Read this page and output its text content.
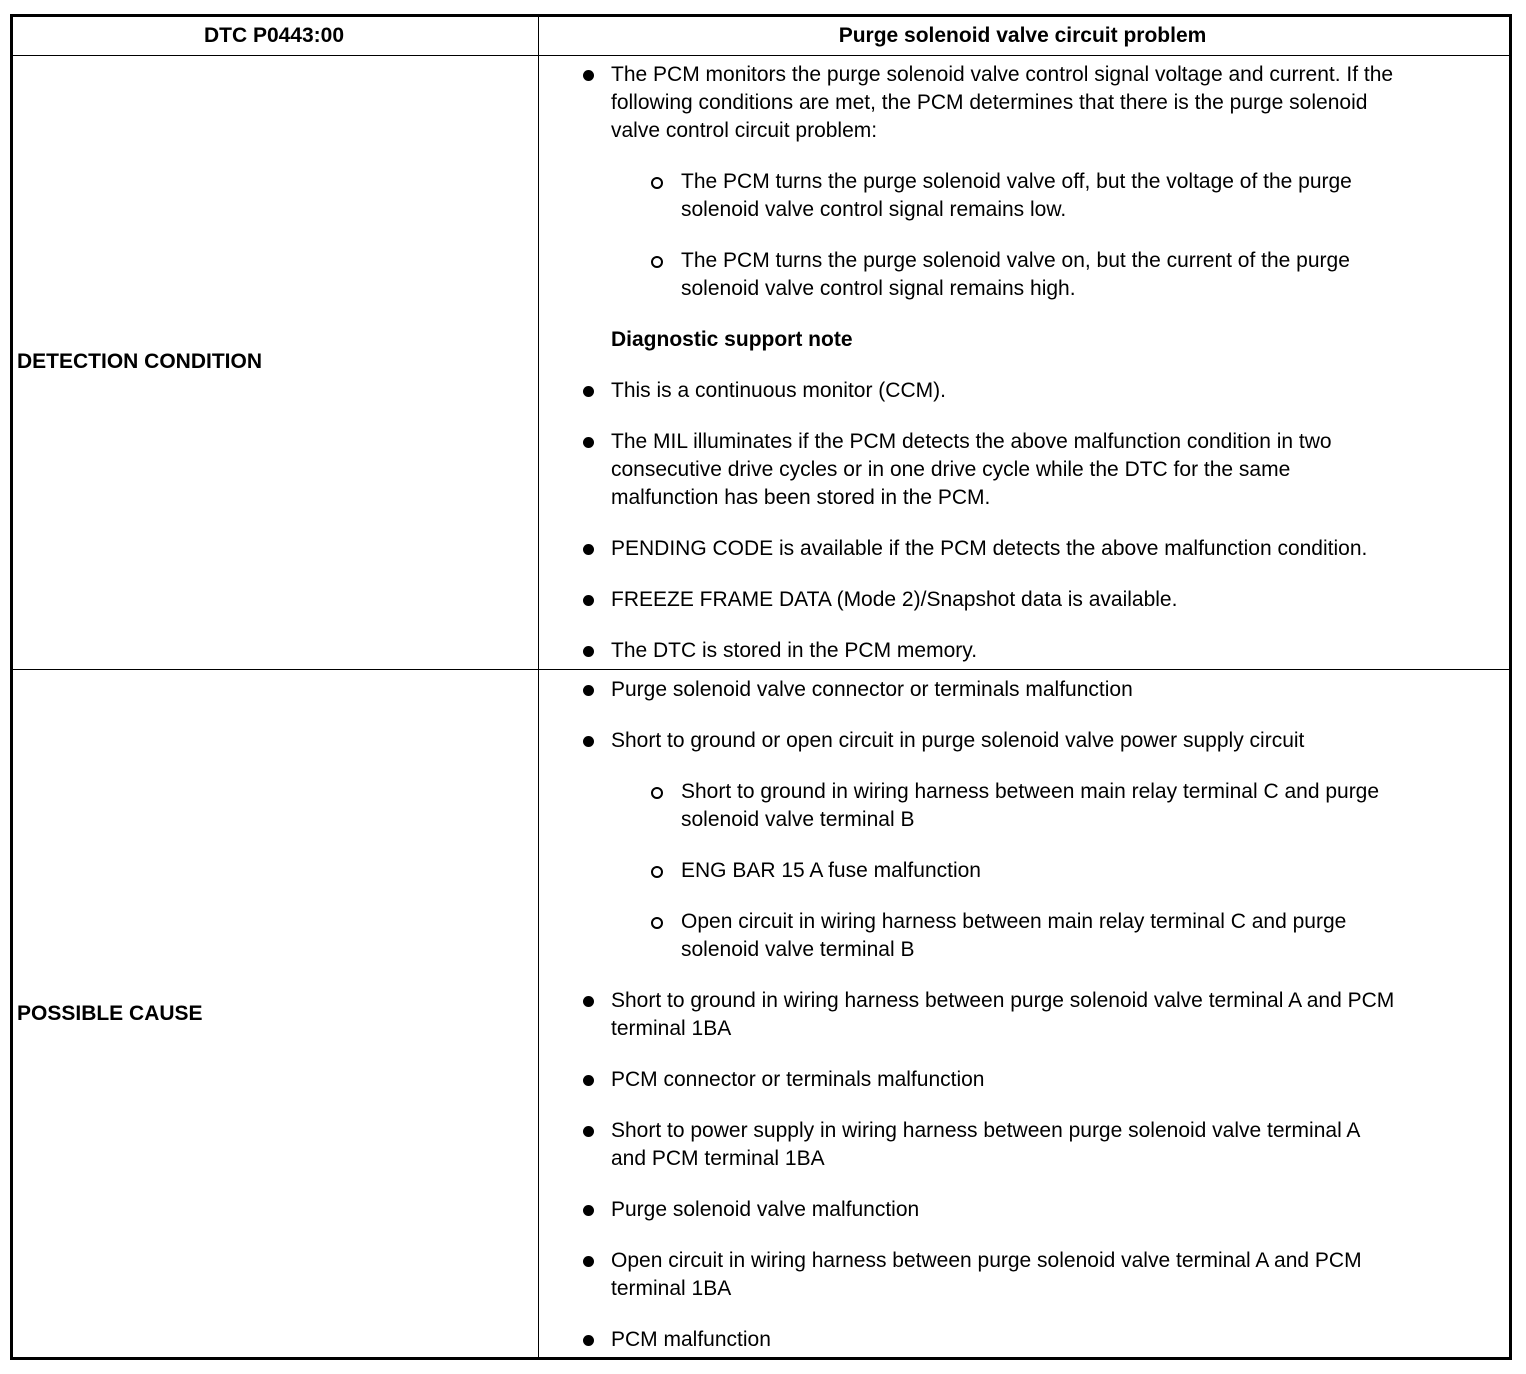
DTC P0443:00	Purge solenoid valve circuit problem
DETECTION CONDITION
POSSIBLE CAUSE
The PCM monitors the purge solenoid valve control signal voltage and current. If the
following conditions are met, the PCM determines that there is the purge solenoid
valve control circuit problem:
The PCM turns the purge solenoid valve off, but the voltage of the purge
solenoid valve control signal remains low.
The PCM turns the purge solenoid valve on, but the current of the purge
solenoid valve control signal remains high.
Diagnostic support note
This is a continuous monitor (CCM).
The MIL illuminates if the PCM detects the above malfunction condition in two
consecutive drive cycles or in one drive cycle while the DTC for the same
malfunction has been stored in the PCM.
PENDING CODE is available if the PCM detects the above malfunction condition.
FREEZE FRAME DATA (Mode 2)/Snapshot data is available.
The DTC is stored in the PCM memory.
Purge solenoid valve connector or terminals malfunction
Short to ground or open circuit in purge solenoid valve power supply circuit
Short to ground in wiring harness between main relay terminal C and purge
solenoid valve terminal B
ENG BAR 15 A fuse malfunction
Open circuit in wiring harness between main relay terminal C and purge
solenoid valve terminal B
Short to ground in wiring harness between purge solenoid valve terminal A and PCM
terminal 1BA
PCM connector or terminals malfunction
Short to power supply in wiring harness between purge solenoid valve terminal A
and PCM terminal 1BA
Purge solenoid valve malfunction
Open circuit in wiring harness between purge solenoid valve terminal A and PCM
terminal 1BA
PCM malfunction
